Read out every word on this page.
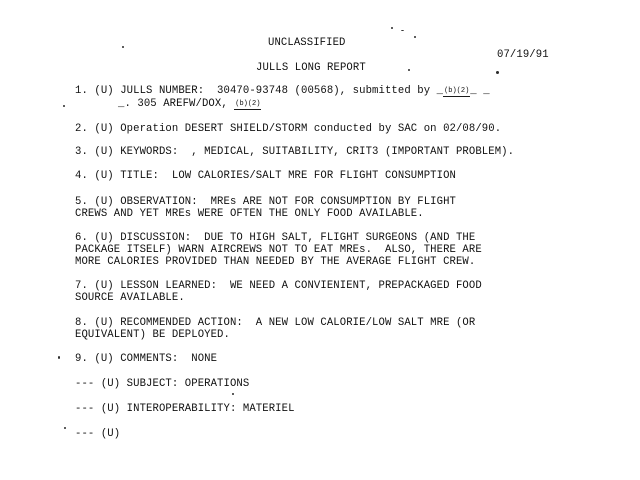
UNCLASSIFIED
07/19/91
JULLS LONG REPORT
1. (U) JULLS NUMBER:  30470-93748 (00568), submitted by _(b)(2)_ _
_. 305 AREFW/DOX, (b)(2)
2. (U) Operation DESERT SHIELD/STORM conducted by SAC on 02/08/90.
3. (U) KEYWORDS:  , MEDICAL, SUITABILITY, CRIT3 (IMPORTANT PROBLEM).
4. (U) TITLE:  LOW CALORIES/SALT MRE FOR FLIGHT CONSUMPTION
5. (U) OBSERVATION:  MREs ARE NOT FOR CONSUMPTION BY FLIGHT
CREWS AND YET MREs WERE OFTEN THE ONLY FOOD AVAILABLE.
6. (U) DISCUSSION:  DUE TO HIGH SALT, FLIGHT SURGEONS (AND THE
PACKAGE ITSELF) WARN AIRCREWS NOT TO EAT MREs.  ALSO, THERE ARE
MORE CALORIES PROVIDED THAN NEEDED BY THE AVERAGE FLIGHT CREW.
7. (U) LESSON LEARNED:  WE NEED A CONVIENIENT, PREPACKAGED FOOD
SOURCE AVAILABLE.
8. (U) RECOMMENDED ACTION:  A NEW LOW CALORIE/LOW SALT MRE (OR
EQUIVALENT) BE DEPLOYED.
9. (U) COMMENTS:  NONE
--- (U) SUBJECT: OPERATIONS
--- (U) INTEROPERABILITY: MATERIEL
--- (U)
